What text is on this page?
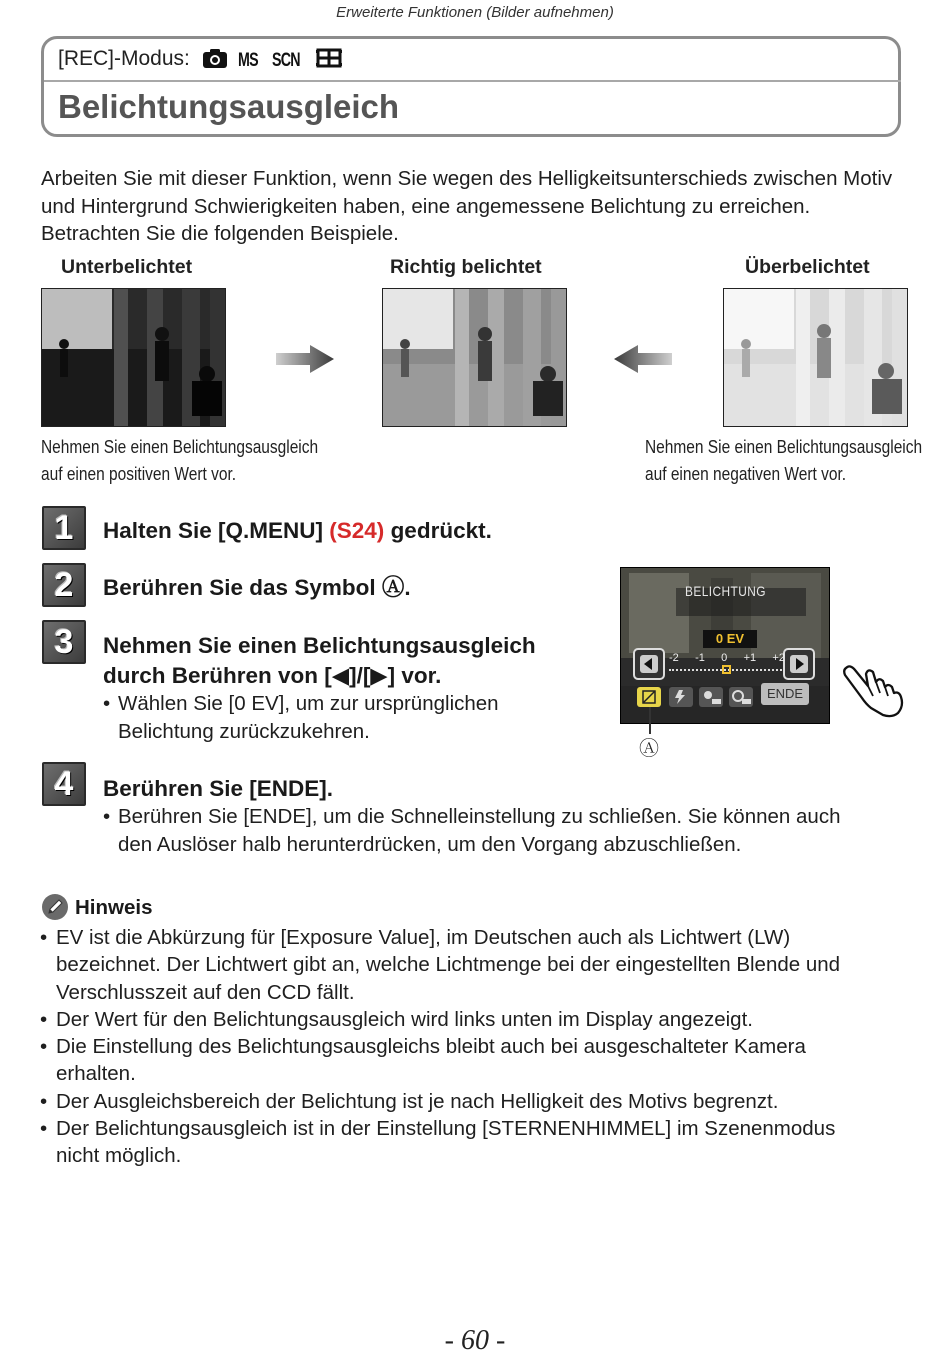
Erweiterte Funktionen (Bilder aufnehmen)
[REC]-Modus:	MS SCN
Belichtungsausgleich
Arbeiten Sie mit dieser Funktion, wenn Sie wegen des Helligkeitsunterschieds zwischen Motiv und Hintergrund Schwierigkeiten haben, eine angemessene Belichtung zu erreichen. Betrachten Sie die folgenden Beispiele.
Unterbelichtet	Richtig belichtet	Überbelichtet
Nehmen Sie einen Belichtungsausgleich
auf einen positiven Wert vor.
Nehmen Sie einen Belichtungsausgleich
auf einen negativen Wert vor.
1	Halten Sie [Q.MENU] (S24) gedrückt.
2	Berühren Sie das Symbol Ⓐ.
3	Nehmen Sie einen Belichtungsausgleich
durch Berühren von [◀]/[▶] vor.
• Wählen Sie [0 EV], um zur ursprünglichen
Belichtung zurückzukehren.
BELICHTUNG
0 EV
-2 -1 0 +1 +2
ENDE
Ⓐ
4	Berühren Sie [ENDE].
• Berühren Sie [ENDE], um die Schnelleinstellung zu schließen. Sie können auch
den Auslöser halb herunterdrücken, um den Vorgang abzuschließen.
Hinweis
• EV ist die Abkürzung für [Exposure Value], im Deutschen auch als Lichtwert (LW)
bezeichnet. Der Lichtwert gibt an, welche Lichtmenge bei der eingestellten Blende und
Verschlusszeit auf den CCD fällt.
• Der Wert für den Belichtungsausgleich wird links unten im Display angezeigt.
• Die Einstellung des Belichtungsausgleichs bleibt auch bei ausgeschalteter Kamera
erhalten.
• Der Ausgleichsbereich der Belichtung ist je nach Helligkeit des Motivs begrenzt.
• Der Belichtungsausgleich ist in der Einstellung [STERNENHIMMEL] im Szenenmodus
nicht möglich.
- 60 -
